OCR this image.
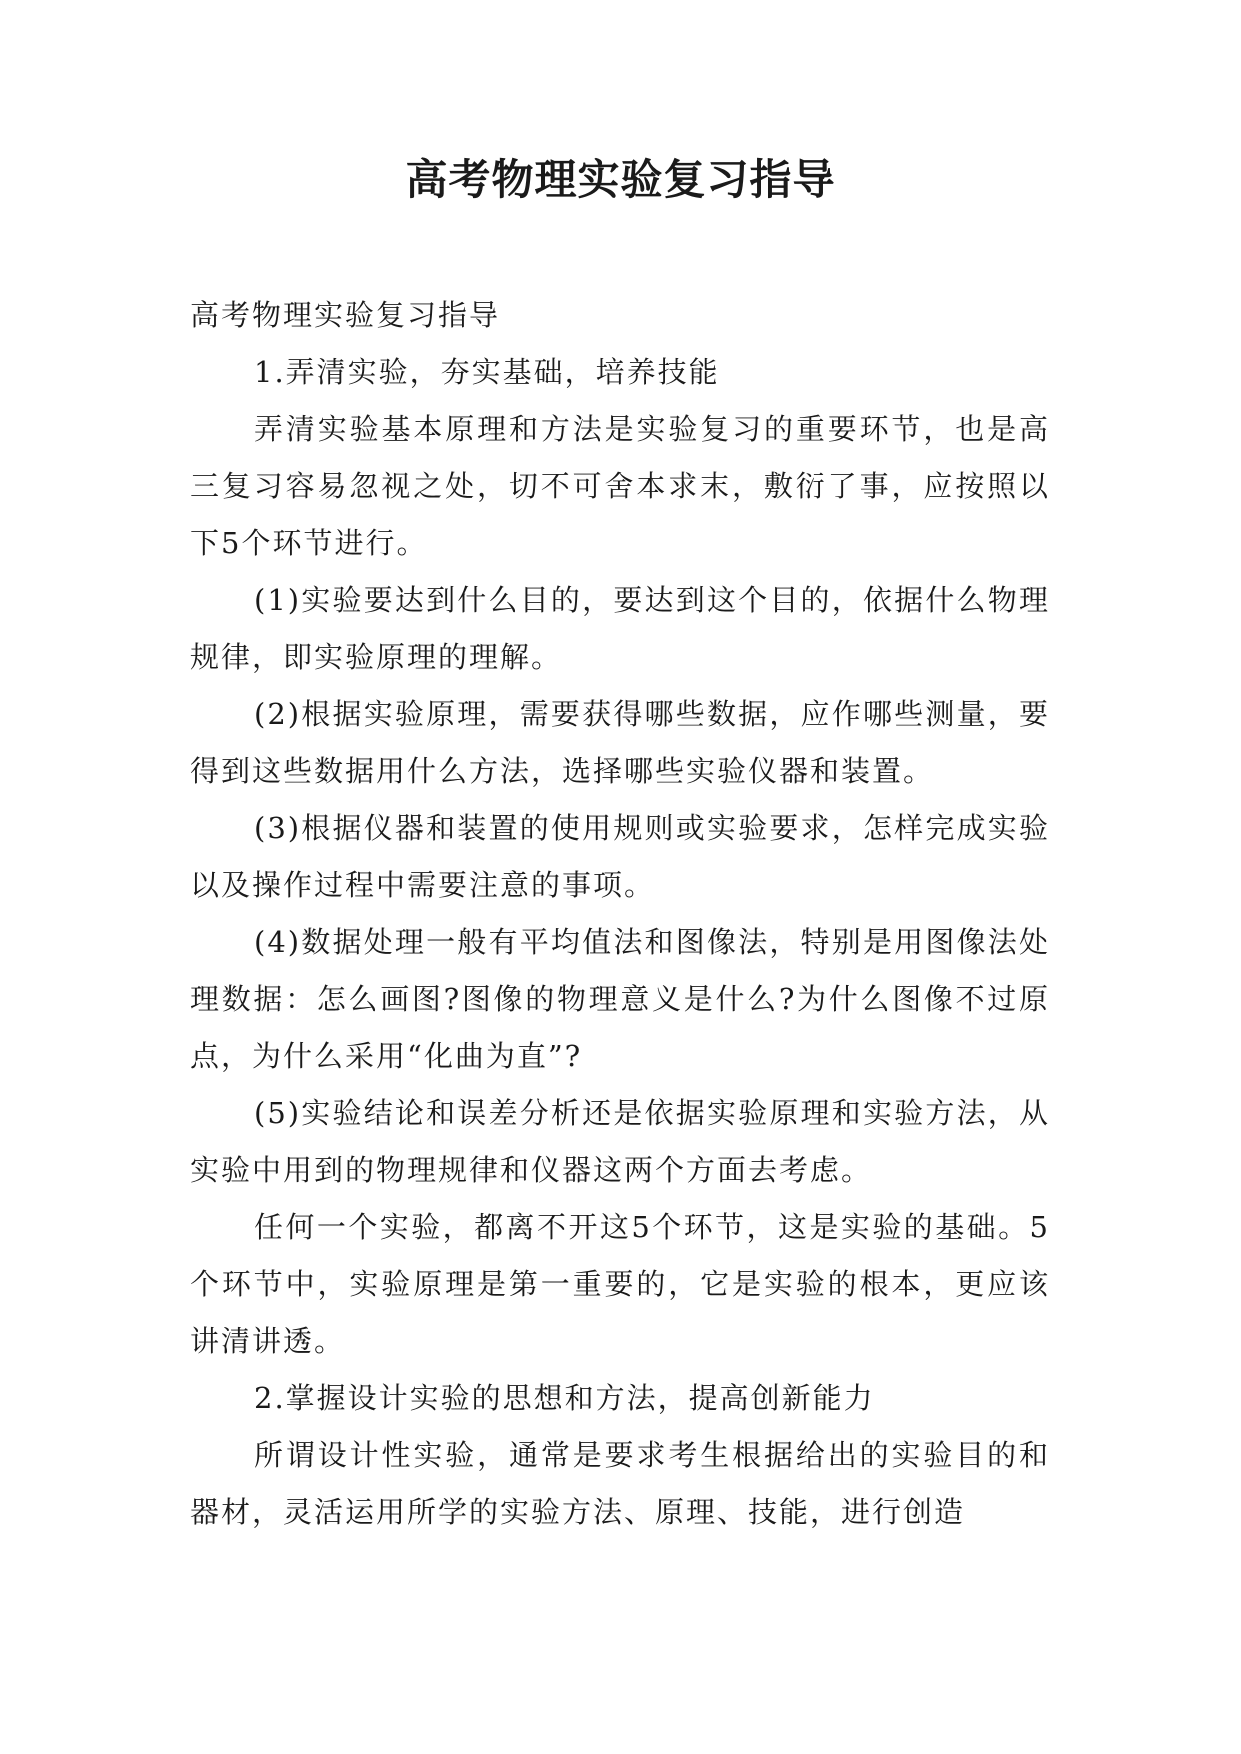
高考物理实验复习指导

高考物理实验复习指导

1.弄清实验，夯实基础，培养技能

弄清实验基本原理和方法是实验复习的重要环节，也是高三复习容易忽视之处，切不可舍本求末，敷衍了事，应按照以下5个环节进行。

(1)实验要达到什么目的，要达到这个目的，依据什么物理规律，即实验原理的理解。

(2)根据实验原理，需要获得哪些数据，应作哪些测量，要得到这些数据用什么方法，选择哪些实验仪器和装置。

(3)根据仪器和装置的使用规则或实验要求，怎样完成实验以及操作过程中需要注意的事项。

(4)数据处理一般有平均值法和图像法，特别是用图像法处理数据：怎么画图?图像的物理意义是什么?为什么图像不过原点，为什么采用“化曲为直”?

(5)实验结论和误差分析还是依据实验原理和实验方法，从实验中用到的物理规律和仪器这两个方面去考虑。

任何一个实验，都离不开这5个环节，这是实验的基础。5个环节中，实验原理是第一重要的，它是实验的根本，更应该讲清讲透。

2.掌握设计实验的思想和方法，提高创新能力

所谓设计性实验，通常是要求考生根据给出的实验目的和器材，灵活运用所学的实验方法、原理、技能，进行创造
